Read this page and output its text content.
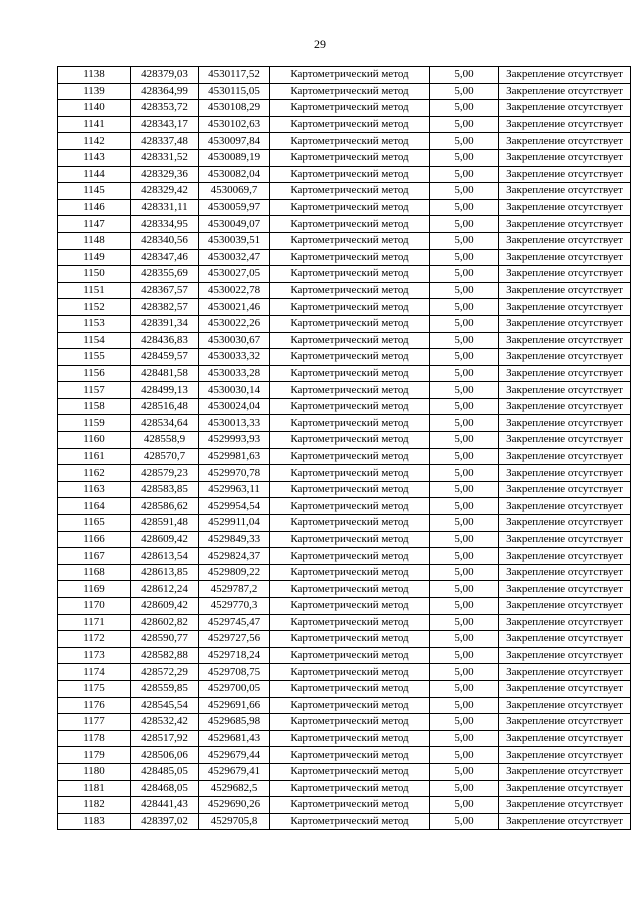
29
1138	428379,03	4530117,52	Картометрический метод	5,00	Закрепление отсутствует
1139	428364,99	4530115,05	Картометрический метод	5,00	Закрепление отсутствует
1140	428353,72	4530108,29	Картометрический метод	5,00	Закрепление отсутствует
1141	428343,17	4530102,63	Картометрический метод	5,00	Закрепление отсутствует
1142	428337,48	4530097,84	Картометрический метод	5,00	Закрепление отсутствует
1143	428331,52	4530089,19	Картометрический метод	5,00	Закрепление отсутствует
1144	428329,36	4530082,04	Картометрический метод	5,00	Закрепление отсутствует
1145	428329,42	4530069,7	Картометрический метод	5,00	Закрепление отсутствует
1146	428331,11	4530059,97	Картометрический метод	5,00	Закрепление отсутствует
1147	428334,95	4530049,07	Картометрический метод	5,00	Закрепление отсутствует
1148	428340,56	4530039,51	Картометрический метод	5,00	Закрепление отсутствует
1149	428347,46	4530032,47	Картометрический метод	5,00	Закрепление отсутствует
1150	428355,69	4530027,05	Картометрический метод	5,00	Закрепление отсутствует
1151	428367,57	4530022,78	Картометрический метод	5,00	Закрепление отсутствует
1152	428382,57	4530021,46	Картометрический метод	5,00	Закрепление отсутствует
1153	428391,34	4530022,26	Картометрический метод	5,00	Закрепление отсутствует
1154	428436,83	4530030,67	Картометрический метод	5,00	Закрепление отсутствует
1155	428459,57	4530033,32	Картометрический метод	5,00	Закрепление отсутствует
1156	428481,58	4530033,28	Картометрический метод	5,00	Закрепление отсутствует
1157	428499,13	4530030,14	Картометрический метод	5,00	Закрепление отсутствует
1158	428516,48	4530024,04	Картометрический метод	5,00	Закрепление отсутствует
1159	428534,64	4530013,33	Картометрический метод	5,00	Закрепление отсутствует
1160	428558,9	4529993,93	Картометрический метод	5,00	Закрепление отсутствует
1161	428570,7	4529981,63	Картометрический метод	5,00	Закрепление отсутствует
1162	428579,23	4529970,78	Картометрический метод	5,00	Закрепление отсутствует
1163	428583,85	4529963,11	Картометрический метод	5,00	Закрепление отсутствует
1164	428586,62	4529954,54	Картометрический метод	5,00	Закрепление отсутствует
1165	428591,48	4529911,04	Картометрический метод	5,00	Закрепление отсутствует
1166	428609,42	4529849,33	Картометрический метод	5,00	Закрепление отсутствует
1167	428613,54	4529824,37	Картометрический метод	5,00	Закрепление отсутствует
1168	428613,85	4529809,22	Картометрический метод	5,00	Закрепление отсутствует
1169	428612,24	4529787,2	Картометрический метод	5,00	Закрепление отсутствует
1170	428609,42	4529770,3	Картометрический метод	5,00	Закрепление отсутствует
1171	428602,82	4529745,47	Картометрический метод	5,00	Закрепление отсутствует
1172	428590,77	4529727,56	Картометрический метод	5,00	Закрепление отсутствует
1173	428582,88	4529718,24	Картометрический метод	5,00	Закрепление отсутствует
1174	428572,29	4529708,75	Картометрический метод	5,00	Закрепление отсутствует
1175	428559,85	4529700,05	Картометрический метод	5,00	Закрепление отсутствует
1176	428545,54	4529691,66	Картометрический метод	5,00	Закрепление отсутствует
1177	428532,42	4529685,98	Картометрический метод	5,00	Закрепление отсутствует
1178	428517,92	4529681,43	Картометрический метод	5,00	Закрепление отсутствует
1179	428506,06	4529679,44	Картометрический метод	5,00	Закрепление отсутствует
1180	428485,05	4529679,41	Картометрический метод	5,00	Закрепление отсутствует
1181	428468,05	4529682,5	Картометрический метод	5,00	Закрепление отсутствует
1182	428441,43	4529690,26	Картометрический метод	5,00	Закрепление отсутствует
1183	428397,02	4529705,8	Картометрический метод	5,00	Закрепление отсутствует
